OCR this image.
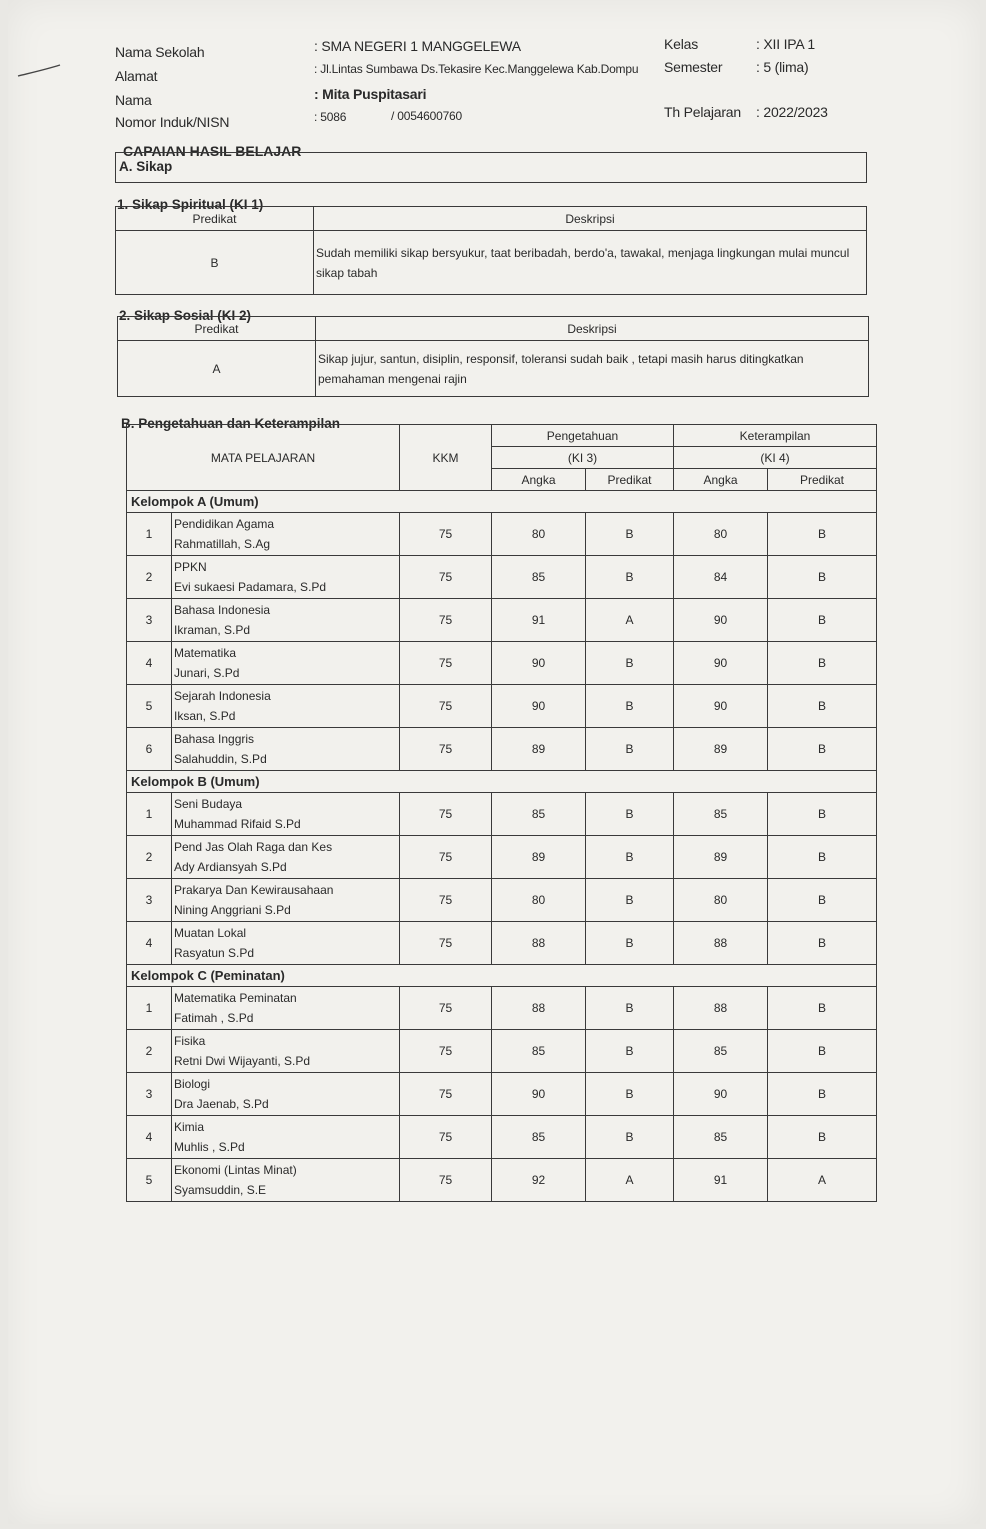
Nama Sekolah	: SMA NEGERI 1 MANGGELEWA
Alamat	: Jl.Lintas Sumbawa Ds.Tekasire Kec.Manggelewa Kab.Dompu
Nama	: Mita Puspitasari
Nomor Induk/NISN	: 5086	/ 0054600760
Kelas	: XII IPA 1
Semester : 5 (lima)
Th Pelajaran : 2022/2023
CAPAIAN HASIL BELAJAR
A. Sikap
1. Sikap Spiritual (KI 1)
Predikat	Deskripsi
B	Sudah memiliki sikap bersyukur, taat beribadah, berdo'a, tawakal, menjaga lingkungan mulai muncul sikap tabah
2. Sikap Sosial (KI 2)
Predikat	Deskripsi
A	Sikap jujur, santun, disiplin, responsif, toleransi sudah baik , tetapi masih harus ditingkatkan pemahaman mengenai rajin
B. Pengetahuan dan Keterampilan
MATA PELAJARAN		KKM	Pengetahuan		Keterampilan	
			(KI 3)		(KI 4)	
			Angka	Predikat	Angka	Predikat
Kelompok A (Umum)						
1	Pendidikan Agama
Rahmatillah, S.Ag	75	80	B	80	B
2	PPKN
Evi sukaesi Padamara, S.Pd	75	85	B	84	B
3	Bahasa Indonesia
Ikraman, S.Pd	75	91	A	90	B
4	Matematika
Junari, S.Pd	75	90	B	90	B
5	Sejarah Indonesia
Iksan, S.Pd	75	90	B	90	B
6	Bahasa Inggris
Salahuddin, S.Pd	75	89	B	89	B
Kelompok B (Umum)						
1	Seni Budaya
Muhammad Rifaid S.Pd	75	85	B	85	B
2	Pend Jas Olah Raga dan Kes
Ady Ardiansyah S.Pd	75	89	B	89	B
3	Prakarya Dan Kewirausahaan
Nining Anggriani S.Pd	75	80	B	80	B
4	Muatan Lokal
Rasyatun S.Pd	75	88	B	88	B
Kelompok C (Peminatan)						
1	Matematika Peminatan
Fatimah , S.Pd	75	88	B	88	B
2	Fisika
Retni Dwi Wijayanti, S.Pd	75	85	B	85	B
3	Biologi
Dra Jaenab, S.Pd	75	90	B	90	B
4	Kimia
Muhlis , S.Pd	75	85	B	85	B
5	Ekonomi (Lintas Minat)
Syamsuddin, S.E	75	92	A	91	A
